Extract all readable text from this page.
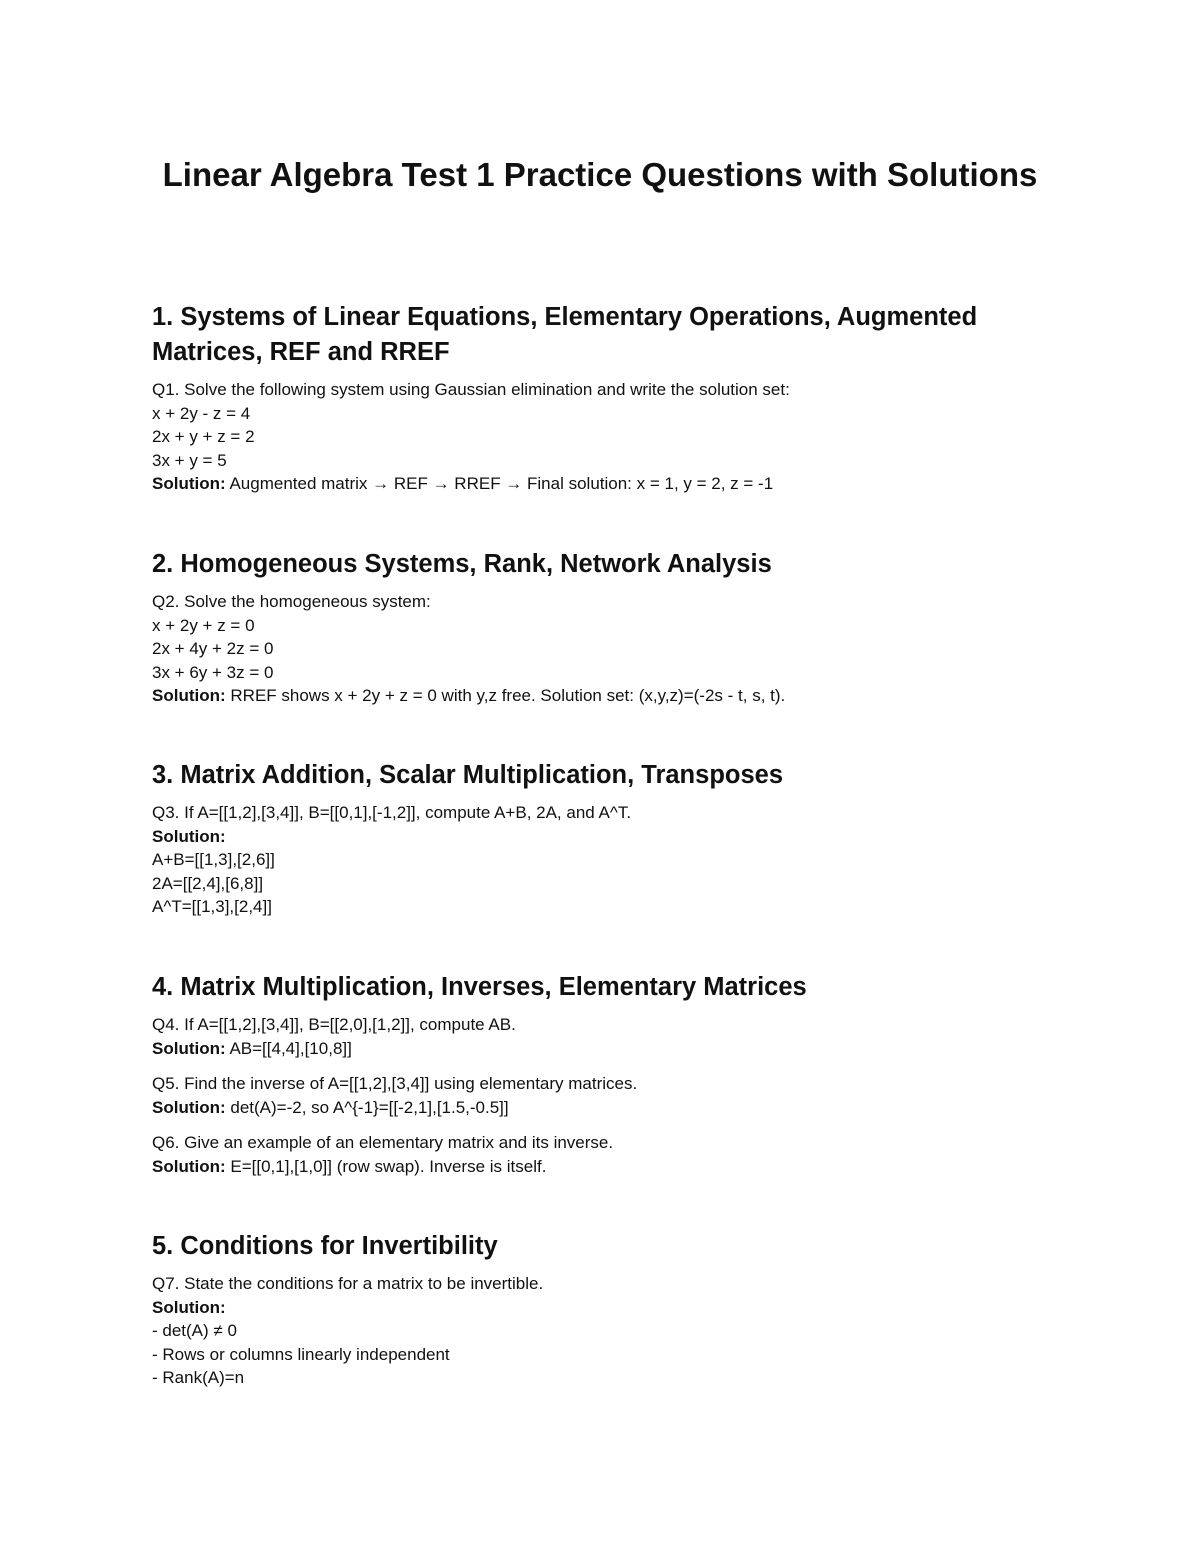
Linear Algebra Test 1 Practice Questions with Solutions
1. Systems of Linear Equations, Elementary Operations, Augmented Matrices, REF and RREF
Q1. Solve the following system using Gaussian elimination and write the solution set:
x + 2y - z = 4
2x + y + z = 2
3x + y = 5
Solution: Augmented matrix → REF → RREF → Final solution: x = 1, y = 2, z = -1
2. Homogeneous Systems, Rank, Network Analysis
Q2. Solve the homogeneous system:
x + 2y + z = 0
2x + 4y + 2z = 0
3x + 6y + 3z = 0
Solution: RREF shows x + 2y + z = 0 with y,z free. Solution set: (x,y,z)=(-2s - t, s, t).
3. Matrix Addition, Scalar Multiplication, Transposes
Q3. If A=[[1,2],[3,4]], B=[[0,1],[-1,2]], compute A+B, 2A, and A^T.
Solution:
A+B=[[1,3],[2,6]]
2A=[[2,4],[6,8]]
A^T=[[1,3],[2,4]]
4. Matrix Multiplication, Inverses, Elementary Matrices
Q4. If A=[[1,2],[3,4]], B=[[2,0],[1,2]], compute AB.
Solution: AB=[[4,4],[10,8]]
Q5. Find the inverse of A=[[1,2],[3,4]] using elementary matrices.
Solution: det(A)=-2, so A^{-1}=[[-2,1],[1.5,-0.5]]
Q6. Give an example of an elementary matrix and its inverse.
Solution: E=[[0,1],[1,0]] (row swap). Inverse is itself.
5. Conditions for Invertibility
Q7. State the conditions for a matrix to be invertible.
Solution:
- det(A) ≠ 0
- Rows or columns linearly independent
- Rank(A)=n
